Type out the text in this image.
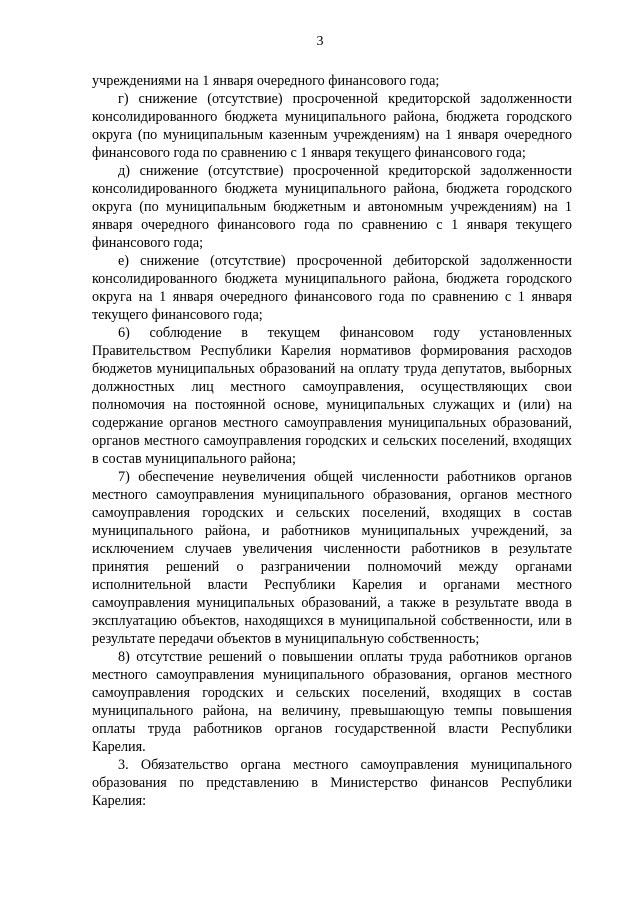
3

учреждениями на 1 января очередного финансового года;

г) снижение (отсутствие) просроченной кредиторской задолженности консолидированного бюджета муниципального района, бюджета городского округа (по муниципальным казенным учреждениям) на 1 января очередного финансового года по сравнению с 1 января текущего финансового года;

д) снижение (отсутствие) просроченной кредиторской задолженности консолидированного бюджета муниципального района, бюджета городского округа (по муниципальным бюджетным и автономным учреждениям) на 1 января очередного финансового года по сравнению с 1 января текущего финансового года;

е) снижение (отсутствие) просроченной дебиторской задолженности консолидированного бюджета муниципального района, бюджета городского округа на 1 января очередного финансового года по сравнению с 1 января текущего финансового года;

6) соблюдение в текущем финансовом году установленных Правительством Республики Карелия нормативов формирования расходов бюджетов муниципальных образований на оплату труда депутатов, выборных должностных лиц местного самоуправления, осуществляющих свои полномочия на постоянной основе, муниципальных служащих и (или) на содержание органов местного самоуправления муниципальных образований, органов местного самоуправления городских и сельских поселений, входящих в состав муниципального района;

7) обеспечение неувеличения общей численности работников органов местного самоуправления муниципального образования, органов местного самоуправления городских и сельских поселений, входящих в состав муниципального района, и работников муниципальных учреждений, за исключением случаев увеличения численности работников в результате принятия решений о разграничении полномочий между органами исполнительной власти Республики Карелия и органами местного самоуправления муниципальных образований, а также в результате ввода в эксплуатацию объектов, находящихся в муниципальной собственности, или в результате передачи объектов в муниципальную собственность;

8) отсутствие решений о повышении оплаты труда работников органов местного самоуправления муниципального образования, органов местного самоуправления городских и сельских поселений, входящих в состав муниципального района, на величину, превышающую темпы повышения оплаты труда работников органов государственной власти Республики Карелия.

3. Обязательство органа местного самоуправления муниципального образования по представлению в Министерство финансов Республики Карелия:
